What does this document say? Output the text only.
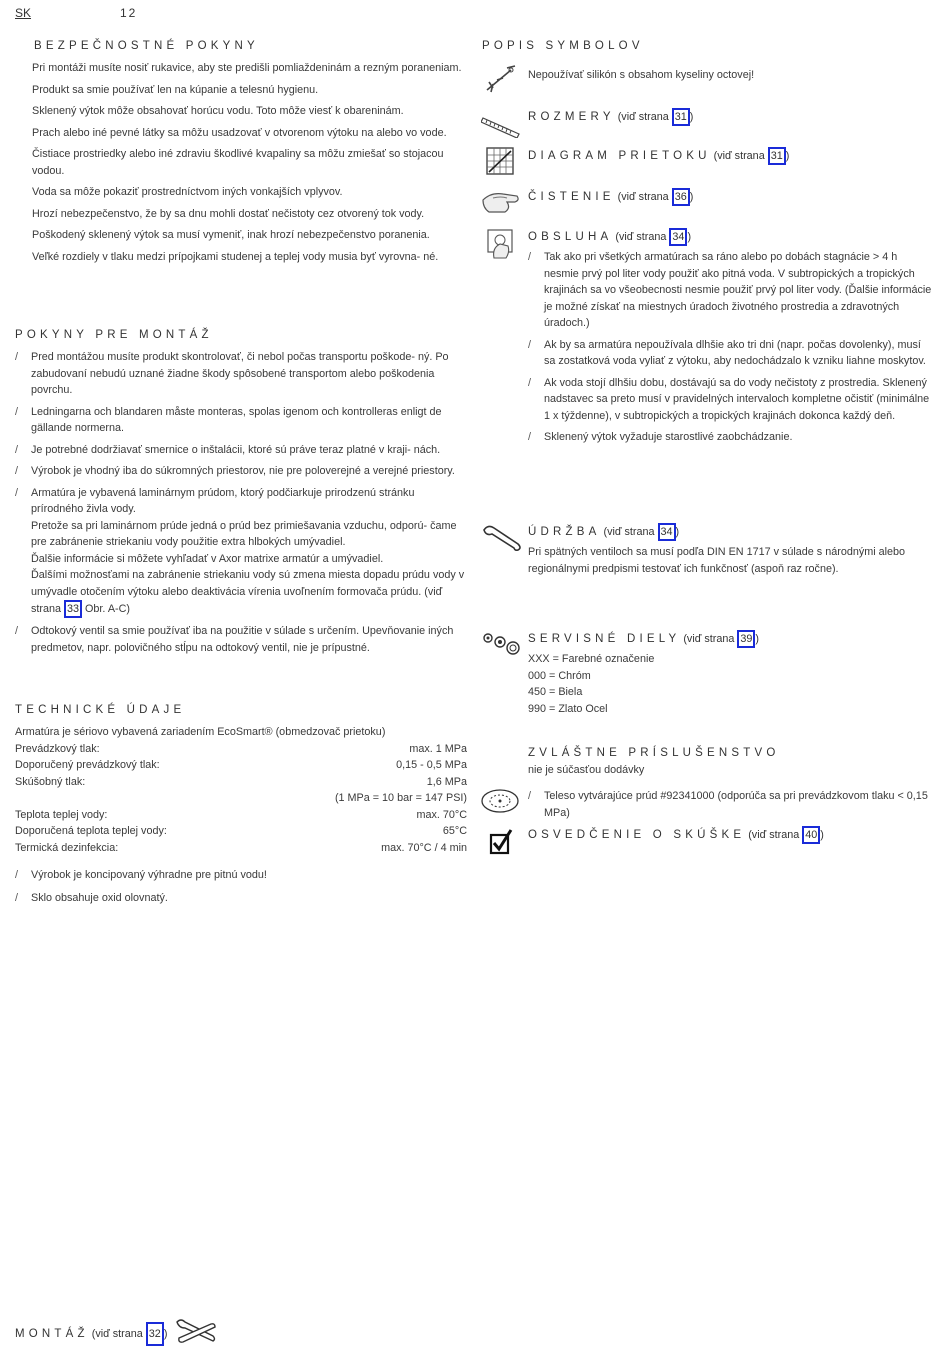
SK	12
BEZPEČNOSTNÉ POKYNY
Pri montáži musíte nosiť rukavice, aby ste predišli pomliaždeninám a rezným poraneniam.
Produkt sa smie používať len na kúpanie a telesnú hygienu.
Sklenený výtok môže obsahovať horúcu vodu. Toto môže viesť k obareninám.
Prach alebo iné pevné látky sa môžu usadzovať v otvorenom výtoku na alebo vo vode.
Čistiace prostriedky alebo iné zdraviu škodlivé kvapaliny sa môžu zmiešať so stojacou vodou.
Voda sa môže pokaziť prostredníctvom iných vonkajších vplyvov.
Hrozí nebezpečenstvo, že by sa dnu mohli dostať nečistoty cez otvorený tok vody.
Poškodený sklenený výtok sa musí vymeniť, inak hrozí nebezpečenstvo poranenia.
Veľké rozdiely v tlaku medzi prípojkami studenej a teplej vody musia byť vyrovna- né.
POKYNY PRE MONTÁŽ
/ Pred montážou musíte produkt skontrolovať, či nebol počas transportu poškode- ný. Po zabudovaní nebudú uznané žiadne škody spôsobené transportom alebo poškodenia povrchu.
/ Ledningarna och blandaren måste monteras, spolas igenom och kontrolleras enligt de gällande normerna.
/ Je potrebné dodržiavať smernice o inštalácii, ktoré sú práve teraz platné v kraji- nách.
/ Výrobok je vhodný iba do súkromných priestorov, nie pre poloverejné a verejné priestory.
/ Armatúra je vybavená laminárnym prúdom, ktorý podčiarkuje prirodzenú stránku prírodného živla vody.
Pretože sa pri laminárnom prúde jedná o prúd bez primiešavania vzduchu, odporú- čame pre zabránenie striekaniu vody použitie extra hlbokých umývadiel.
Ďalšie informácie si môžete vyhľadať v Axor matrixe armatúr a umývadiel.
Ďalšími možnosťami na zabránenie striekaniu vody sú zmena miesta dopadu prúdu vody v umývadle otočením výtoku alebo deaktivácia vírenia uvoľnením formovača prúdu. (viď strana 33 Obr. A-C)
/ Odtokový ventil sa smie používať iba na použitie v súlade s určením. Upevňovanie iných predmetov, napr. polovičného stĺpu na odtokový ventil, nie je prípustné.
TECHNICKÉ ÚDAJE
Armatúra je sériovo vybavená zariadením EcoSmart® (obmedzovač prietoku)
Prevádzkový tlak:	max. 1 MPa
Doporučený prevádzkový tlak:	0,15 - 0,5 MPa
Skúšobný tlak:	1,6 MPa
(1 MPa = 10 bar = 147 PSI)
Teplota teplej vody:	max. 70°C
Doporučená teplota teplej vody:	65°C
Termická dezinfekcia:	max. 70°C / 4 min
/ Výrobok je koncipovaný výhradne pre pitnú vodu!
/ Sklo obsahuje oxid olovnatý.
POPIS SYMBOLOV
Nepoužívať silikón s obsahom kyseliny octovej!
ROZMERY (viď strana 31 )
DIAGRAM PRIETOKU (viď strana 31 )
ČISTENIE (viď strana 36 )
OBSLUHA (viď strana 34 )
/ Tak ako pri všetkých armatúrach sa ráno alebo po dobách stagnácie > 4 h nesmie prvý pol liter vody použiť ako pitná voda. V subtropických a tropických krajinách sa vo všeobecnosti nesmie použiť prvý pol liter vody. (Ďalšie informácie je možné získať na miestnych úradoch životného prostredia a zdravotných úradoch.)
/ Ak by sa armatúra nepoužívala dlhšie ako tri dni (napr. počas dovolenky), musí sa zostatková voda vyliať z výtoku, aby nedochádzalo k vzniku liahne moskytov.
/ Ak voda stojí dlhšiu dobu, dostávajú sa do vody nečistoty z prostredia. Sklenený nadstavec sa preto musí v pravidelných intervaloch kompletne očistiť (minimálne 1 x týždenne), v subtropických a tropických krajinách dokonca každý deň.
/ Sklenený výtok vyžaduje starostlivé zaobchádzanie.
ÚDRŽBA (viď strana 34 )
Pri spätných ventiloch sa musí podľa DIN EN 1717 v súlade s národnými alebo regionálnymi predpismi testovať ich funkčnosť (aspoň raz ročne).
SERVISNÉ DIELY (viď strana 39 )
XXX = Farebné označenie
000 = Chróm
450 = Biela
990 = Zlato Ocel
ZVLÁŠTNE PRÍSLUŠENSTVO
nie je súčasťou dodávky
/ Teleso vytvárajúce prúd #92341000 (odporúča sa pri prevádzkovom tlaku < 0,15 MPa)
OSVEDČENIE O SKÚŠKE (viď strana 40 )
MONTÁŽ (viď strana 32 )
